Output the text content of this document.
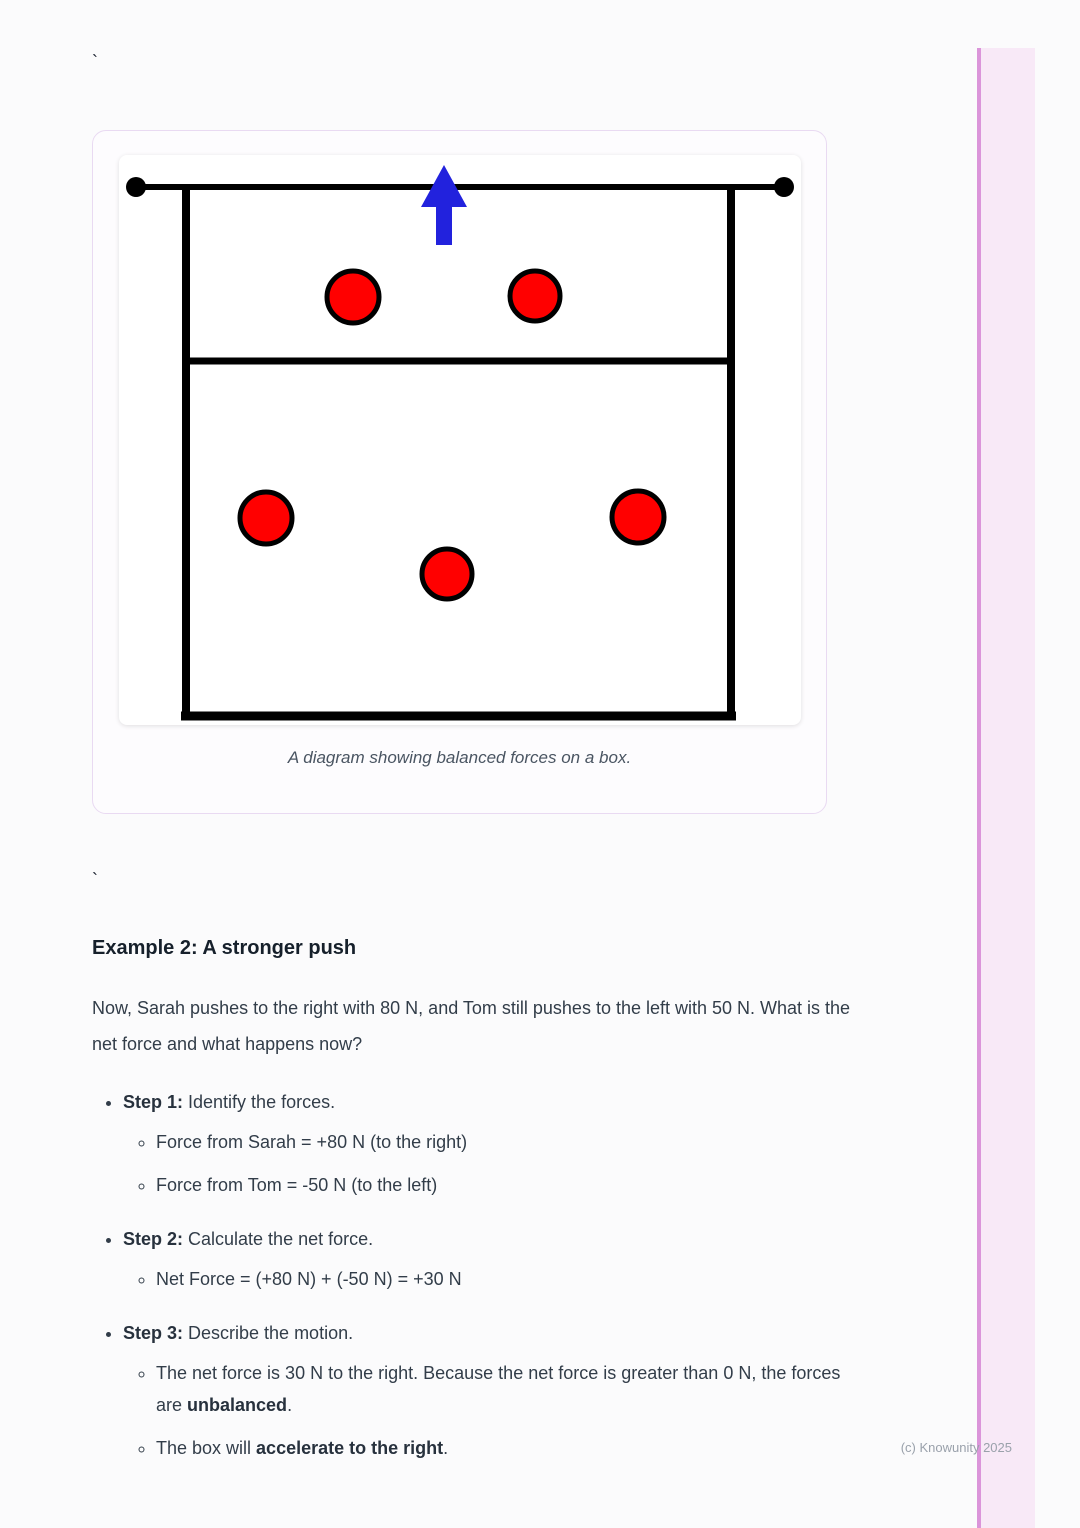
`
A diagram showing balanced forces on a box.
`
Example 2: A stronger push

Now, Sarah pushes to the right with 80 N, and Tom still pushes to the left with 50 N. What is the net force and what happens now?

• Step 1: Identify the forces.
◦ Force from Sarah = +80 N (to the right)
◦ Force from Tom = -50 N (to the left)
• Step 2: Calculate the net force.
◦ Net Force = (+80 N) + (-50 N) = +30 N
• Step 3: Describe the motion.
◦ The net force is 30 N to the right. Because the net force is greater than 0 N, the forces are unbalanced.
◦ The box will accelerate to the right.	(c) Knowunity 2025
